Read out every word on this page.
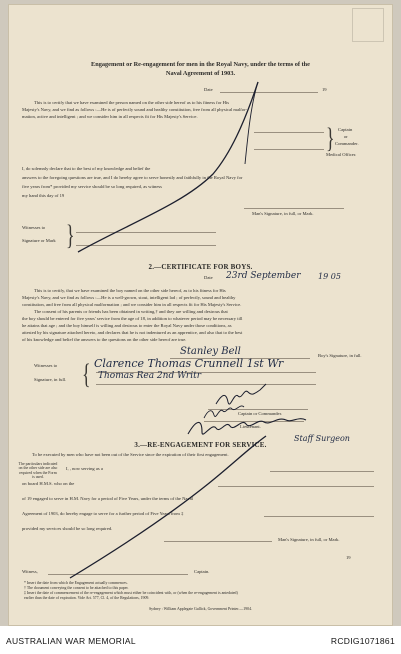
Engagement or Re-engagement for men in the Royal Navy, under the terms of the
Naval Agreement of 1903.
Date	19
This is to certify that we have examined the person named on the other side hereof as to his fitness for His
Majesty's Navy, and we find as follows :—He is of perfectly sound and healthy constitution, free from all physical malfor-
mation, active and intelligent ; and we consider him in all respects fit for His Majesty's Service.
} Captain
or
Commander.
Medical Officer.
I, do solemnly declare that to the best of my knowledge and belief the
answers to the foregoing questions are true, and I do hereby agree to serve honestly and faithfully in the Royal Navy for
five years from* provided my service should be so long required, as witness
my hand this day of 19
Man's Signature, in full, or Mark.
Witnesses to }
Signature or Mark
2.—CERTIFICATE FOR BOYS.
Date 23rd September 19 05
This is to certify, that we have examined the boy named on the other side hereof, as to his fitness for His
Majesty's Navy, and we find as follows :—He is a well-grown, stout, intelligent lad ; of perfectly, sound and healthy
constitution, and free from all physical malformation ; and we consider him in all respects fit for His Majesty's Service.
The consent of his parents or friends has been obtained in writing,† and they are willing and desirous that
the boy should be entered for five years' service from the age of 18, in addition to whatever period may be necessary till
he attains that age ; and the boy himself is willing and desirous to enter the Royal Navy under those conditions, as
attested by his signature attached hereto, and declares that he is not indentured as an apprentice, and also that to the best
of his knowledge and belief the answers to the questions on the other side hereof are true.
Stanley Bell	Boy's Signature, in full.
Witnesses to	Clarence Thomas Crunnell 1st Wr
{
Signature, in full.	Thomas Rea 2nd Writr
Captain or Commander.
Lieutenant.
Staff Surgeon
3.—RE-ENGAGEMENT FOR SERVICE.
To be executed by men who have not been out of the Service since the expiration of their first engagement.
The particulars indicated on the other side are also required when the Form is used.
I, , now serving as a
on board H.M.S. who on the
of 19 engaged to serve in H.M. Navy for a period of Five Years, under the terms of the Naval
Agreement of 1903, do hereby engage to serve for a further period of Five Years from ‡
provided my services should be so long required.
Man's Signature, in full, or Mark.
19
Witness,	Captain.
* Insert the date from which the Engagement actually commences.
† The document conveying the consent to be attached to this paper.
‡ Insert the date of commencement of the re-engagement which must either be coincident with, or (when the re-engagement is antedated)
earlier than the date of expiration. Vide Art. 577, Cl. 4, of the Regulations, 1909.
Sydney : William Applegate Gullick, Government Printer.—1904.
AUSTRALIAN WAR MEMORIAL	RCDIG1071861
